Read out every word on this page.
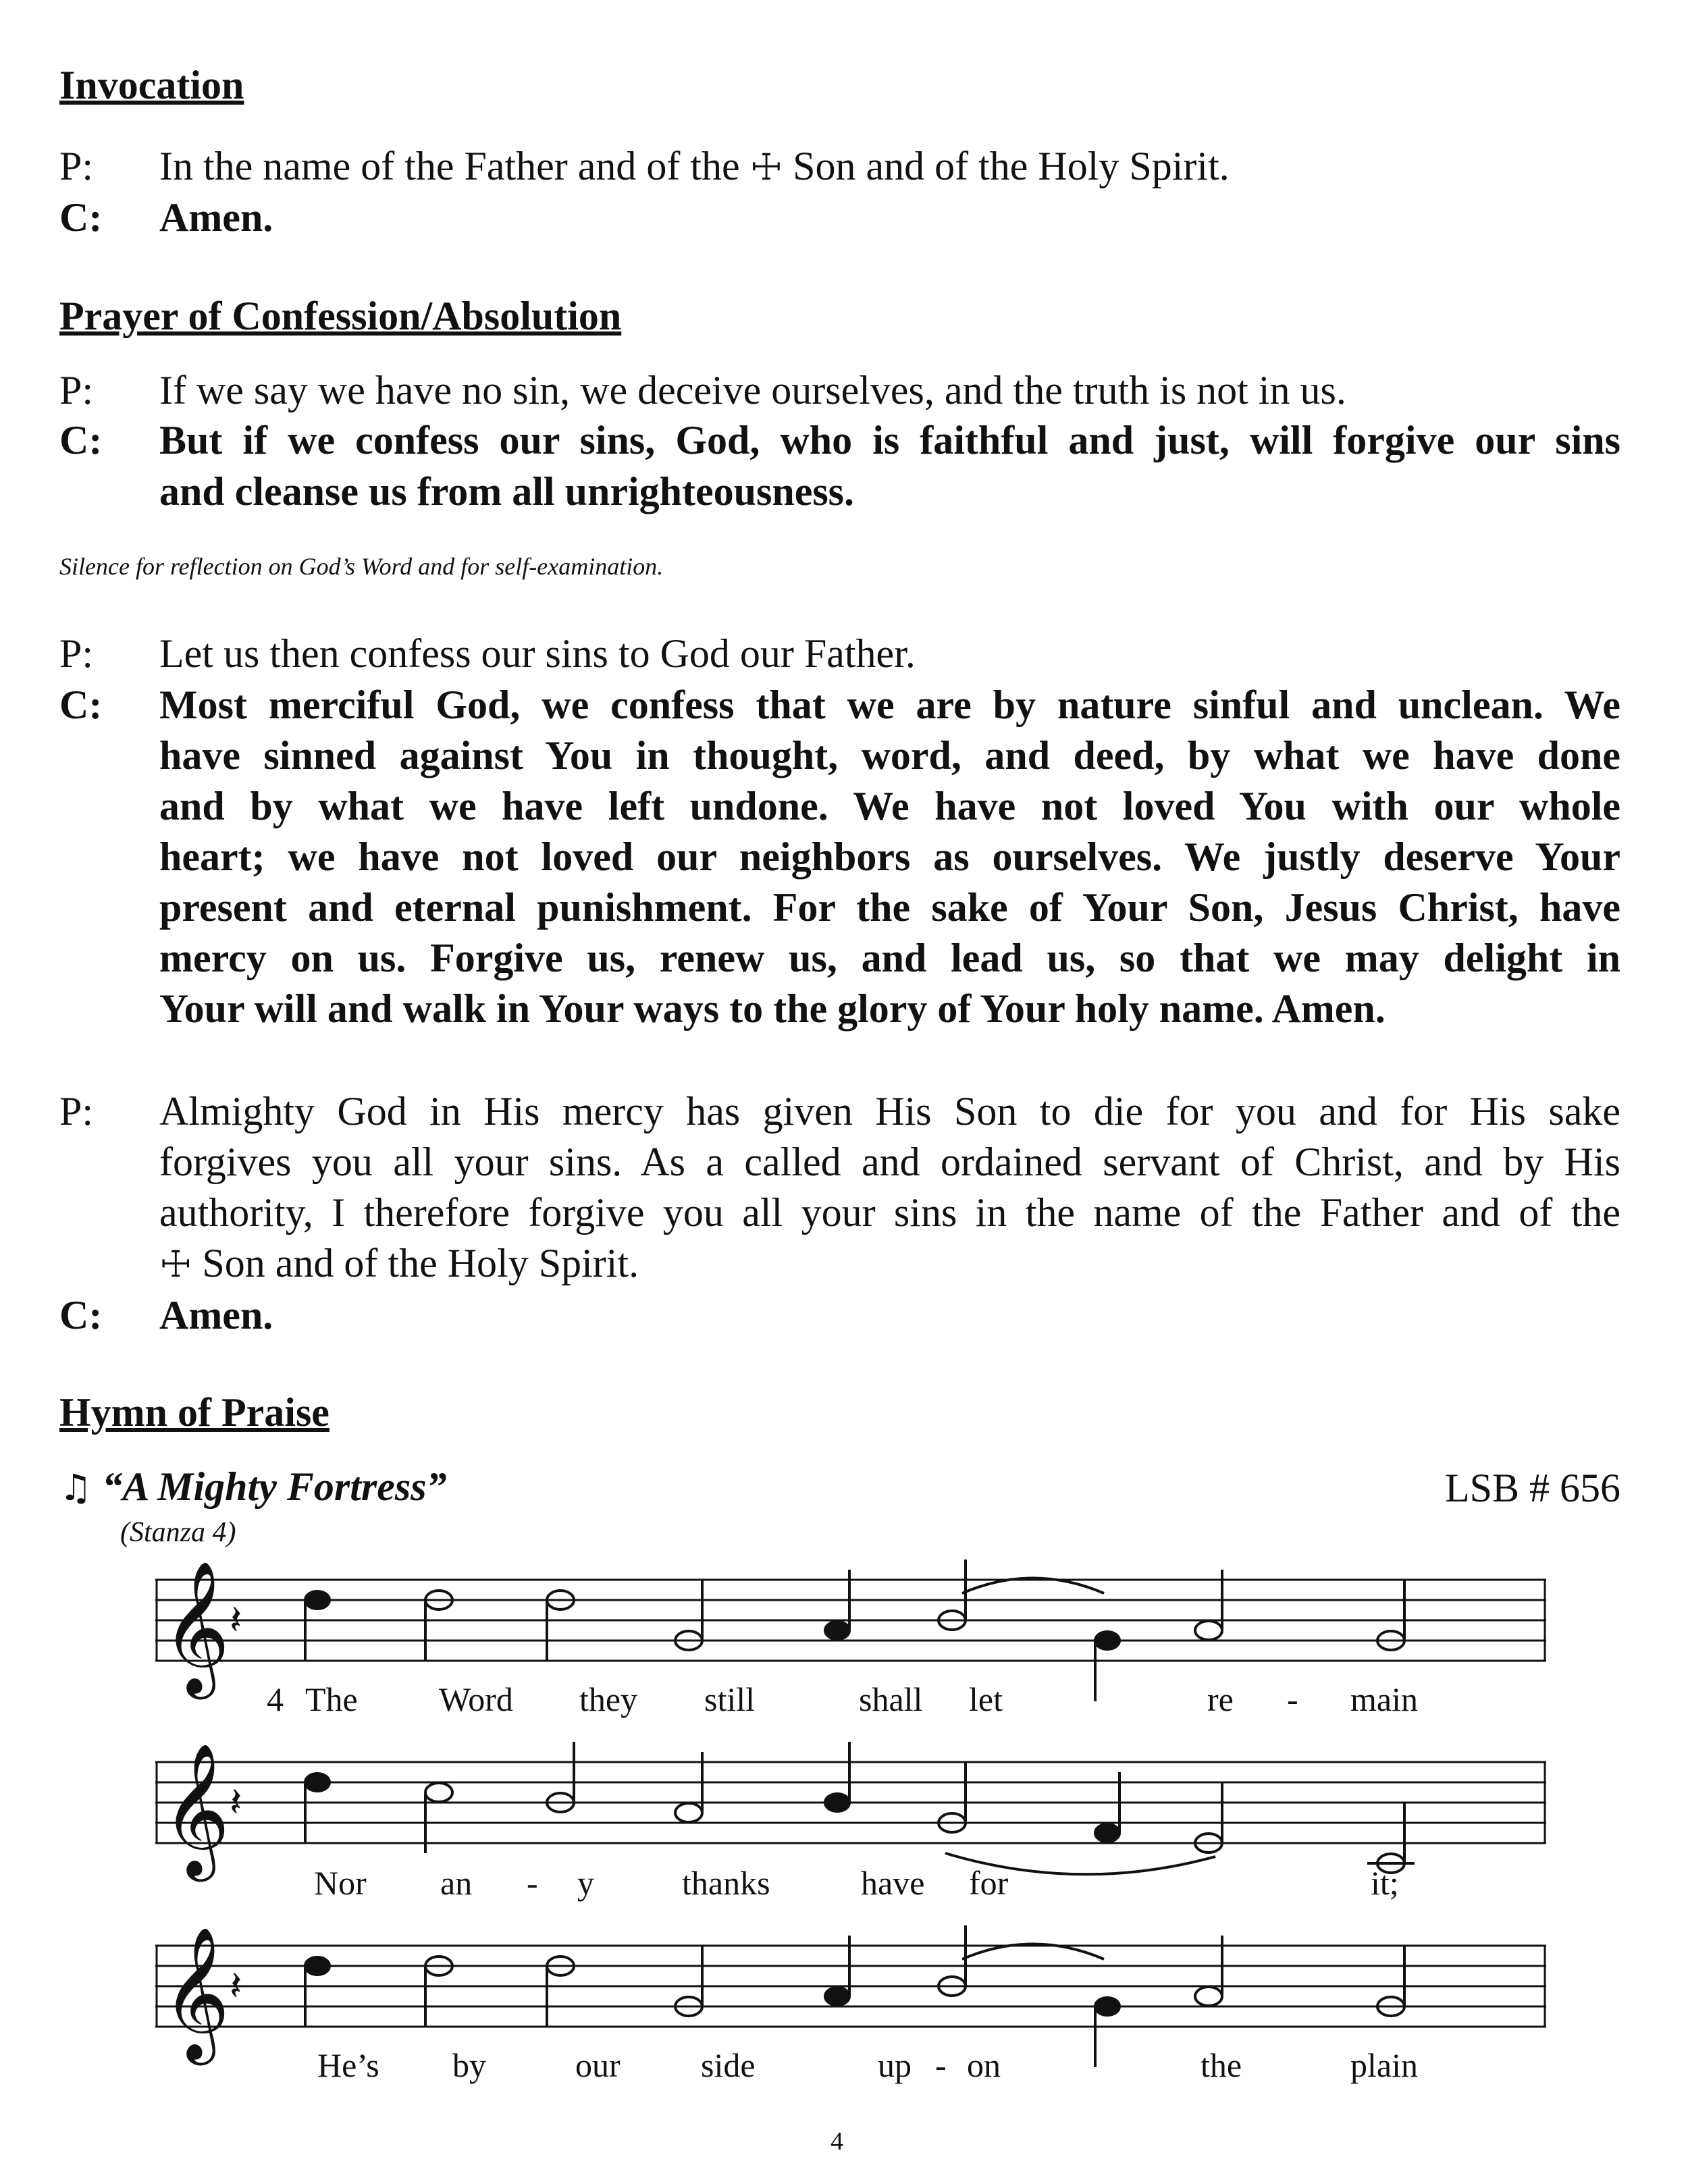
Invocation
P:	In the name of the Father and of the ☩ Son and of the Holy Spirit.
C:	Amen.
Prayer of Confession/Absolution
P:	If we say we have no sin, we deceive ourselves, and the truth is not in us.
C:	But if we confess our sins, God, who is faithful and just, will forgive our sins
and cleanse us from all unrighteousness.
Silence for reflection on God’s Word and for self-examination.
P:	Let us then confess our sins to God our Father.
C:	Most merciful God, we confess that we are by nature sinful and unclean. We
have sinned against You in thought, word, and deed, by what we have done
and by what we have left undone. We have not loved You with our whole
heart; we have not loved our neighbors as ourselves. We justly deserve Your
present and eternal punishment. For the sake of Your Son, Jesus Christ, have
mercy on us. Forgive us, renew us, and lead us, so that we may delight in
Your will and walk in Your ways to the glory of Your holy name. Amen.
P:	Almighty God in His mercy has given His Son to die for you and for His sake
forgives you all your sins. As a called and ordained servant of Christ, and by His
authority, I therefore forgive you all your sins in the name of the Father and of the
☩ Son and of the Holy Spirit.
C:	Amen.
Hymn of Praise
♫ “A Mighty Fortress”	LSB # 656
(Stanza 4)
𝄞 𝄽
4 The Word they still	shall let	re - main
𝄞 𝄽
Nor an - y	thanks	have for	it;
𝄞 𝄽
He’s by	our side	up - on	the	plain
4
